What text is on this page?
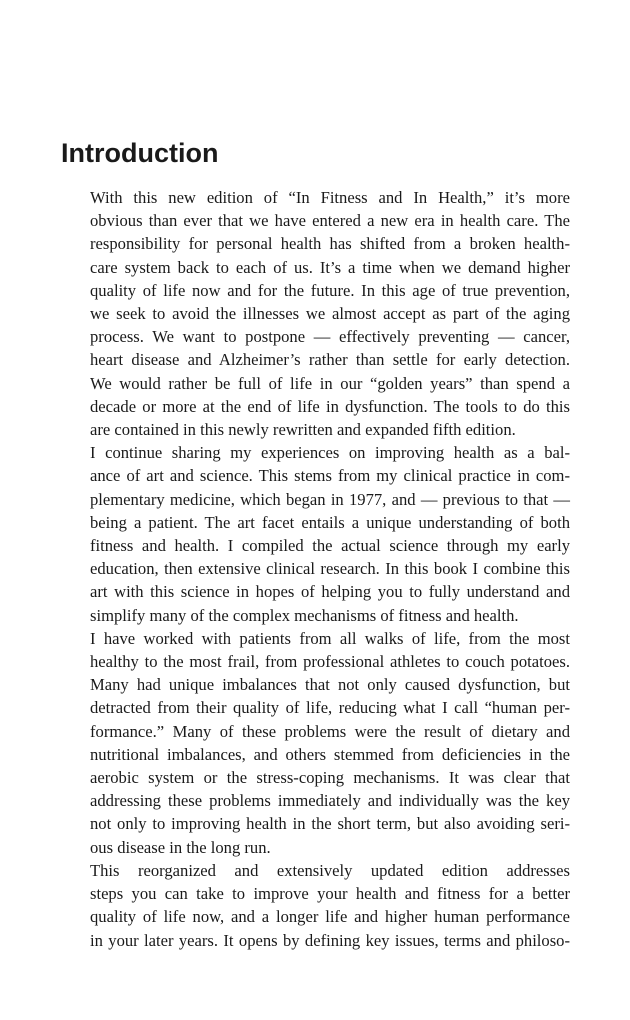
Introduction
With this new edition of “In Fitness and In Health,” it’s more
obvious than ever that we have entered a new era in health care. The
responsibility for personal health has shifted from a broken health-
care system back to each of us. It’s a time when we demand higher
quality of life now and for the future. In this age of true prevention,
we seek to avoid the illnesses we almost accept as part of the aging
process. We want to postpone — effectively preventing — cancer,
heart disease and Alzheimer’s rather than settle for early detection.
We would rather be full of life in our “golden years” than spend a
decade or more at the end of life in dysfunction. The tools to do this
are contained in this newly rewritten and expanded fifth edition.
I continue sharing my experiences on improving health as a bal-
ance of art and science. This stems from my clinical practice in com-
plementary medicine, which began in 1977, and — previous to that —
being a patient. The art facet entails a unique understanding of both
fitness and health. I compiled the actual science through my early
education, then extensive clinical research. In this book I combine this
art with this science in hopes of helping you to fully understand and
simplify many of the complex mechanisms of fitness and health.
I have worked with patients from all walks of life, from the most
healthy to the most frail, from professional athletes to couch potatoes.
Many had unique imbalances that not only caused dysfunction, but
detracted from their quality of life, reducing what I call “human per-
formance.” Many of these problems were the result of dietary and
nutritional imbalances, and others stemmed from deficiencies in the
aerobic system or the stress-coping mechanisms. It was clear that
addressing these problems immediately and individually was the key
not only to improving health in the short term, but also avoiding seri-
ous disease in the long run.
This reorganized and extensively updated edition addresses
steps you can take to improve your health and fitness for a better
quality of life now, and a longer life and higher human performance
in your later years. It opens by defining key issues, terms and philoso-
